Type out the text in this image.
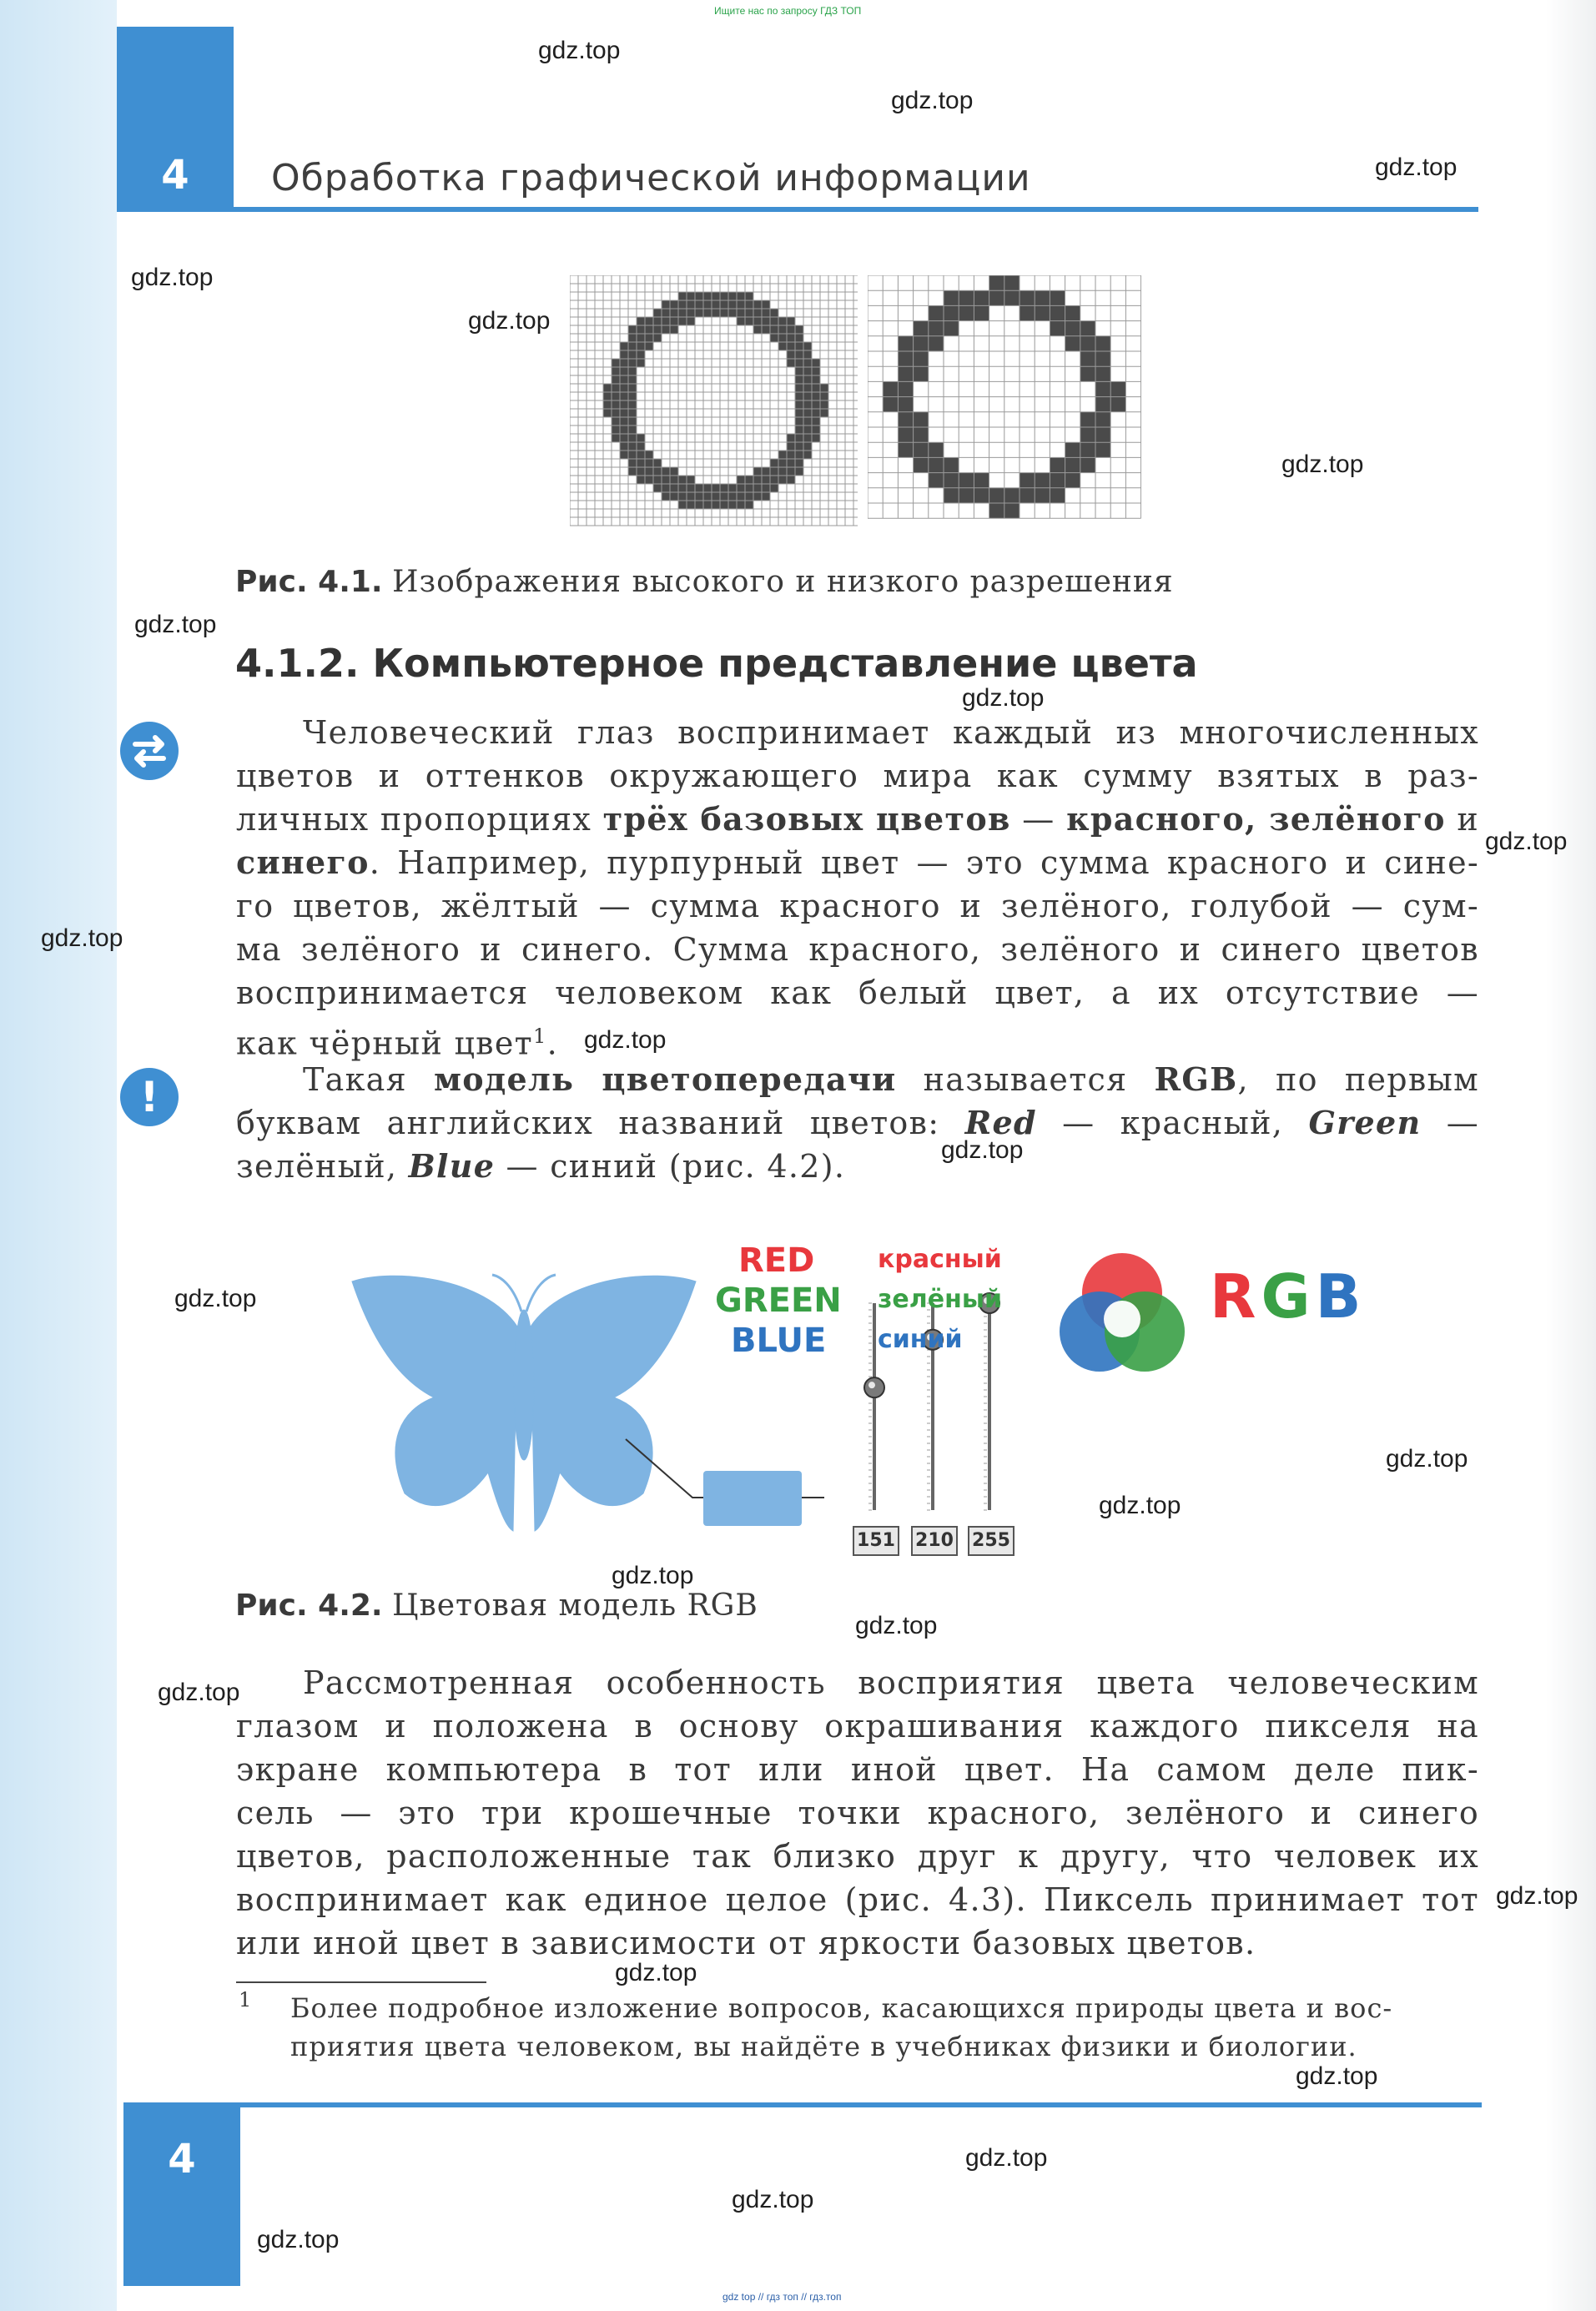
Ищите нас по запросу ГДЗ ТОП
4	Обработка графической информации
Рис. 4.1. Изображения высокого и низкого разрешения
4.1.2. Компьютерное представление цвета
!
Человеческий глаз воспринимает каждый из многочисленных
цветов и оттенков окружающего мира как сумму взятых в раз-
личных пропорциях трёх базовых цветов — красного, зелёного и
синего. Например, пурпурный цвет — это сумма красного и сине-
го цветов, жёлтый — сумма красного и зелёного, голубой — сум-
ма зелёного и синего. Сумма красного, зелёного и синего цветов
воспринимается человеком как белый цвет, а их отсутствие —
как чёрный цвет$^1$.
Такая модель цветопередачи называется RGB, по первым
буквам английских названий цветов: Red — красный, Green —
зелёный, Blue — синий (рис. 4.2).
RED
GREEN
BLUE
красный
зелёный
синий
RGB
151 210 255
Рис. 4.2. Цветовая модель RGB
Рассмотренная особенность восприятия цвета человеческим
глазом и положена в основу окрашивания каждого пикселя на
экране компьютера в тот или иной цвет. На самом деле пик-
сель — это три крошечные точки красного, зелёного и синего
цветов, расположенные так близко друг к другу, что человек их
воспринимает как единое целое (рис. 4.3). Пиксель принимает тот
или иной цвет в зависимости от яркости базовых цветов.
1 Более подробное изложение вопросов, касающихся природы цвета и вос-
приятия цвета человеком, вы найдёте в учебниках физики и биологии.
4
gdz top // гдз топ // гдз.топ
gdz.top
gdz.top
gdz.top
gdz.top
gdz.top
gdz.top
gdz.top
gdz.top
gdz.top
gdz.top
gdz.top
gdz.top
gdz.top
gdz.top
gdz.top
gdz.top
gdz.top
gdz.top
gdz.top
gdz.top
gdz.top
gdz.top
gdz.top
gdz.top
